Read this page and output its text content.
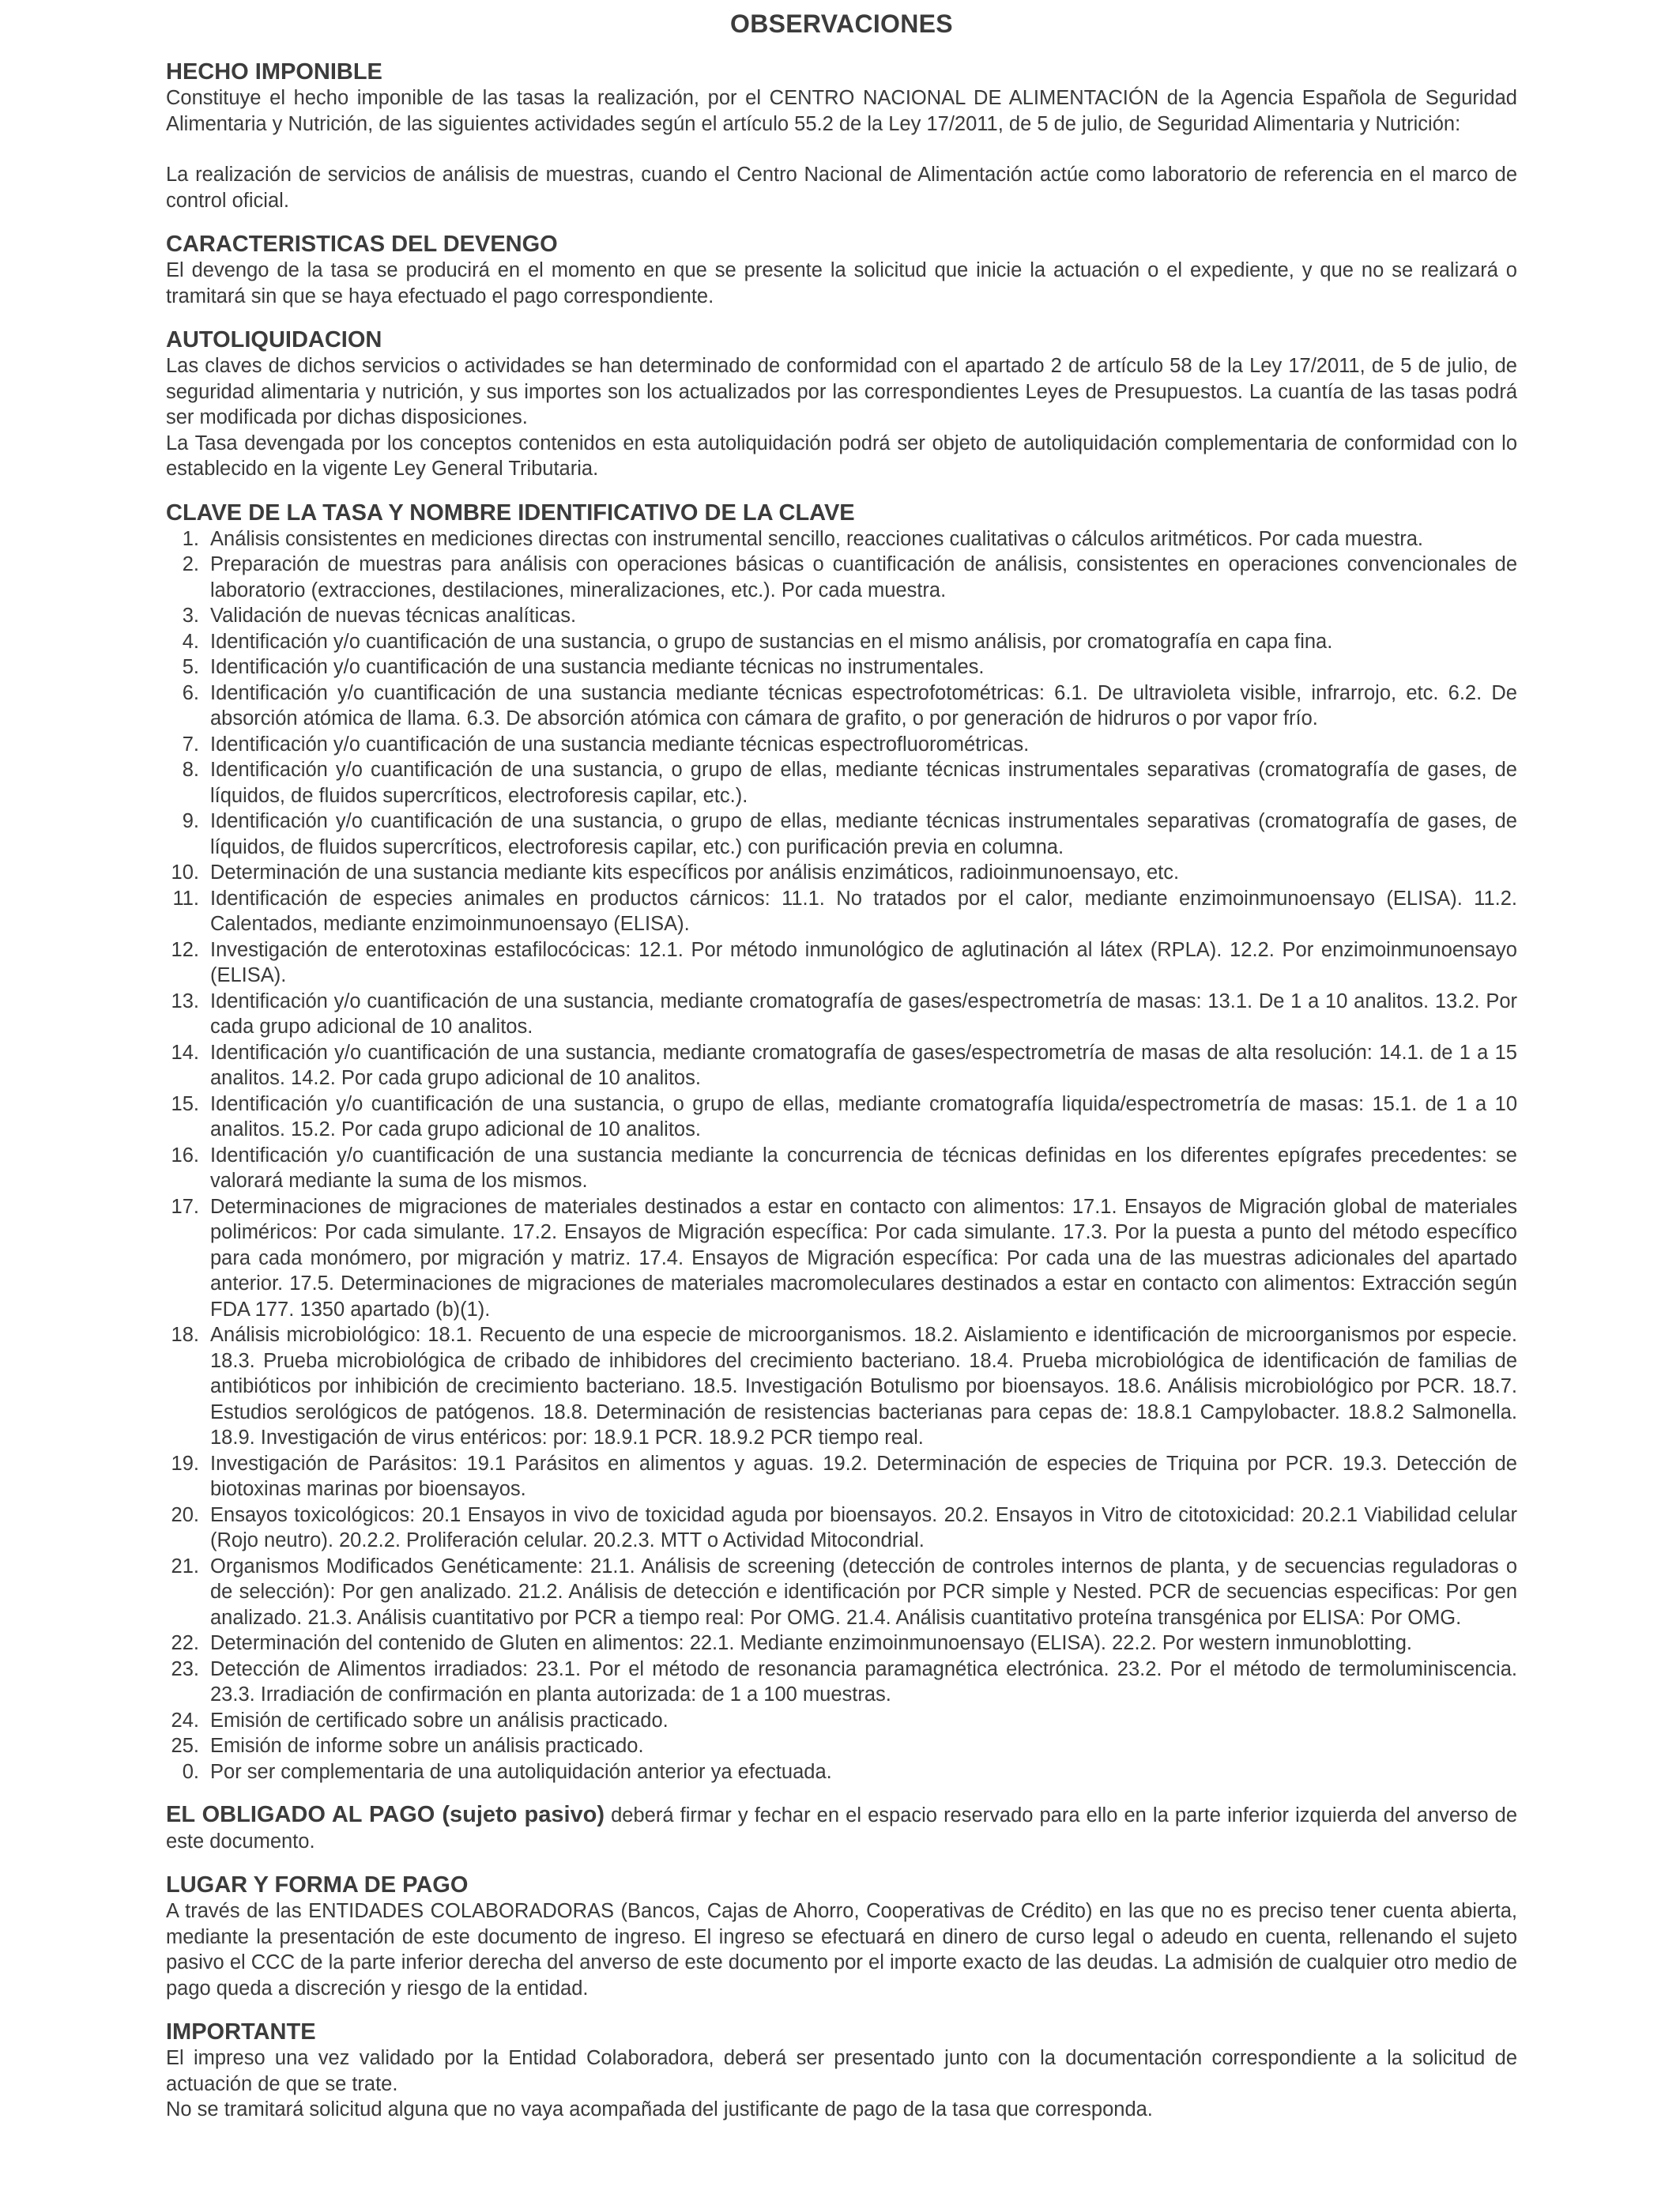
OBSERVACIONES
HECHO IMPONIBLE

Constituye el hecho imponible de las tasas la realización, por el CENTRO NACIONAL DE ALIMENTACIÓN de la Agencia Española de Seguridad Alimentaria y Nutrición, de las siguientes actividades según el artículo 55.2 de la Ley 17/2011, de 5 de julio, de Seguridad Alimentaria y Nutrición:

La realización de servicios de análisis de muestras, cuando el Centro Nacional de Alimentación actúe como laboratorio de referencia en el marco de control oficial.

CARACTERISTICAS DEL DEVENGO

El devengo de la tasa se producirá en el momento en que se presente la solicitud que inicie la actuación o el expediente, y que no se realizará o tramitará sin que se haya efectuado el pago correspondiente.

AUTOLIQUIDACION

Las claves de dichos servicios o actividades se han determinado de conformidad con el apartado 2 de artículo 58 de la Ley 17/2011, de 5 de julio, de seguridad alimentaria y nutrición, y sus importes son los actualizados por las correspondientes Leyes de Presupuestos. La cuantía de las tasas podrá ser modificada por dichas disposiciones.

La Tasa devengada por los conceptos contenidos en esta autoliquidación podrá ser objeto de autoliquidación complementaria de conformidad con lo establecido en la vigente Ley General Tributaria.

CLAVE DE LA TASA Y NOMBRE IDENTIFICATIVO DE LA CLAVE
1. Análisis consistentes en mediciones directas con instrumental sencillo, reacciones cualitativas o cálculos aritméticos. Por cada muestra.
2. Preparación de muestras para análisis con operaciones básicas o cuantificación de análisis, consistentes en operaciones convencionales de laboratorio (extracciones, destilaciones, mineralizaciones, etc.). Por cada muestra.
3. Validación de nuevas técnicas analíticas.
4. Identificación y/o cuantificación de una sustancia, o grupo de sustancias en el mismo análisis, por cromatografía en capa fina.
5. Identificación y/o cuantificación de una sustancia mediante técnicas no instrumentales.
6. Identificación y/o cuantificación de una sustancia mediante técnicas espectrofotométricas: 6.1. De ultravioleta visible, infrarrojo, etc. 6.2. De absorción atómica de llama. 6.3. De absorción atómica con cámara de grafito, o por generación de hidruros o por vapor frío.
7. Identificación y/o cuantificación de una sustancia mediante técnicas espectrofluorométricas.
8. Identificación y/o cuantificación de una sustancia, o grupo de ellas, mediante técnicas instrumentales separativas (cromatografía de gases, de líquidos, de fluidos supercríticos, electroforesis capilar, etc.).
9. Identificación y/o cuantificación de una sustancia, o grupo de ellas, mediante técnicas instrumentales separativas (cromatografía de gases, de líquidos, de fluidos supercríticos, electroforesis capilar, etc.) con purificación previa en columna.
10. Determinación de una sustancia mediante kits específicos por análisis enzimáticos, radioinmunoensayo, etc.
11. Identificación de especies animales en productos cárnicos: 11.1. No tratados por el calor, mediante enzimoinmunoensayo (ELISA). 11.2. Calentados, mediante enzimoinmunoensayo (ELISA).
12. Investigación de enterotoxinas estafilocócicas: 12.1. Por método inmunológico de aglutinación al látex (RPLA). 12.2. Por enzimoinmunoensayo (ELISA).
13. Identificación y/o cuantificación de una sustancia, mediante cromatografía de gases/espectrometría de masas: 13.1. De 1 a 10 analitos. 13.2. Por cada grupo adicional de 10 analitos.
14. Identificación y/o cuantificación de una sustancia, mediante cromatografía de gases/espectrometría de masas de alta resolución: 14.1. de 1 a 15 analitos. 14.2. Por cada grupo adicional de 10 analitos.
15. Identificación y/o cuantificación de una sustancia, o grupo de ellas, mediante cromatografía liquida/espectrometría de masas: 15.1. de 1 a 10 analitos. 15.2. Por cada grupo adicional de 10 analitos.
16. Identificación y/o cuantificación de una sustancia mediante la concurrencia de técnicas definidas en los diferentes epígrafes precedentes: se valorará mediante la suma de los mismos.
17. Determinaciones de migraciones de materiales destinados a estar en contacto con alimentos: 17.1. Ensayos de Migración global de materiales poliméricos: Por cada simulante. 17.2. Ensayos de Migración específica: Por cada simulante. 17.3. Por la puesta a punto del método específico para cada monómero, por migración y matriz. 17.4. Ensayos de Migración específica: Por cada una de las muestras adicionales del apartado anterior. 17.5. Determinaciones de migraciones de materiales macromoleculares destinados a estar en contacto con alimentos: Extracción según FDA 177. 1350 apartado (b)(1).
18. Análisis microbiológico: 18.1. Recuento de una especie de microorganismos. 18.2. Aislamiento e identificación de microorganismos por especie. 18.3. Prueba microbiológica de cribado de inhibidores del crecimiento bacteriano. 18.4. Prueba microbiológica de identificación de familias de antibióticos por inhibición de crecimiento bacteriano. 18.5. Investigación Botulismo por bioensayos. 18.6. Análisis microbiológico por PCR. 18.7. Estudios serológicos de patógenos. 18.8. Determinación de resistencias bacterianas para cepas de: 18.8.1 Campylobacter. 18.8.2 Salmonella. 18.9. Investigación de virus entéricos: por: 18.9.1 PCR. 18.9.2 PCR tiempo real.
19. Investigación de Parásitos: 19.1 Parásitos en alimentos y aguas. 19.2. Determinación de especies de Triquina por PCR. 19.3. Detección de biotoxinas marinas por bioensayos.
20. Ensayos toxicológicos: 20.1 Ensayos in vivo de toxicidad aguda por bioensayos. 20.2. Ensayos in Vitro de citotoxicidad: 20.2.1 Viabilidad celular (Rojo neutro). 20.2.2. Proliferación celular. 20.2.3. MTT o Actividad Mitocondrial.
21. Organismos Modificados Genéticamente: 21.1. Análisis de screening (detección de controles internos de planta, y de secuencias reguladoras o de selección): Por gen analizado. 21.2. Análisis de detección e identificación por PCR simple y Nested. PCR de secuencias especificas: Por gen analizado. 21.3. Análisis cuantitativo por PCR a tiempo real: Por OMG. 21.4. Análisis cuantitativo proteína transgénica por ELISA: Por OMG.
22. Determinación del contenido de Gluten en alimentos: 22.1. Mediante enzimoinmunoensayo (ELISA). 22.2. Por western inmunoblotting.
23. Detección de Alimentos irradiados: 23.1. Por el método de resonancia paramagnética electrónica. 23.2. Por el método de termoluminiscencia. 23.3. Irradiación de confirmación en planta autorizada: de 1 a 100 muestras.
24. Emisión de certificado sobre un análisis practicado.
25. Emisión de informe sobre un análisis practicado.
0. Por ser complementaria de una autoliquidación anterior ya efectuada.

EL OBLIGADO AL PAGO (sujeto pasivo) deberá firmar y fechar en el espacio reservado para ello en la parte inferior izquierda del anverso de este documento.

LUGAR Y FORMA DE PAGO

A través de las ENTIDADES COLABORADORAS (Bancos, Cajas de Ahorro, Cooperativas de Crédito) en las que no es preciso tener cuenta abierta, mediante la presentación de este documento de ingreso. El ingreso se efectuará en dinero de curso legal o adeudo en cuenta, rellenando el sujeto pasivo el CCC de la parte inferior derecha del anverso de este documento por el importe exacto de las deudas. La admisión de cualquier otro medio de pago queda a discreción y riesgo de la entidad.

IMPORTANTE

El impreso una vez validado por la Entidad Colaboradora, deberá ser presentado junto con la documentación correspondiente a la solicitud de actuación de que se trate.

No se tramitará solicitud alguna que no vaya acompañada del justificante de pago de la tasa que corresponda.
